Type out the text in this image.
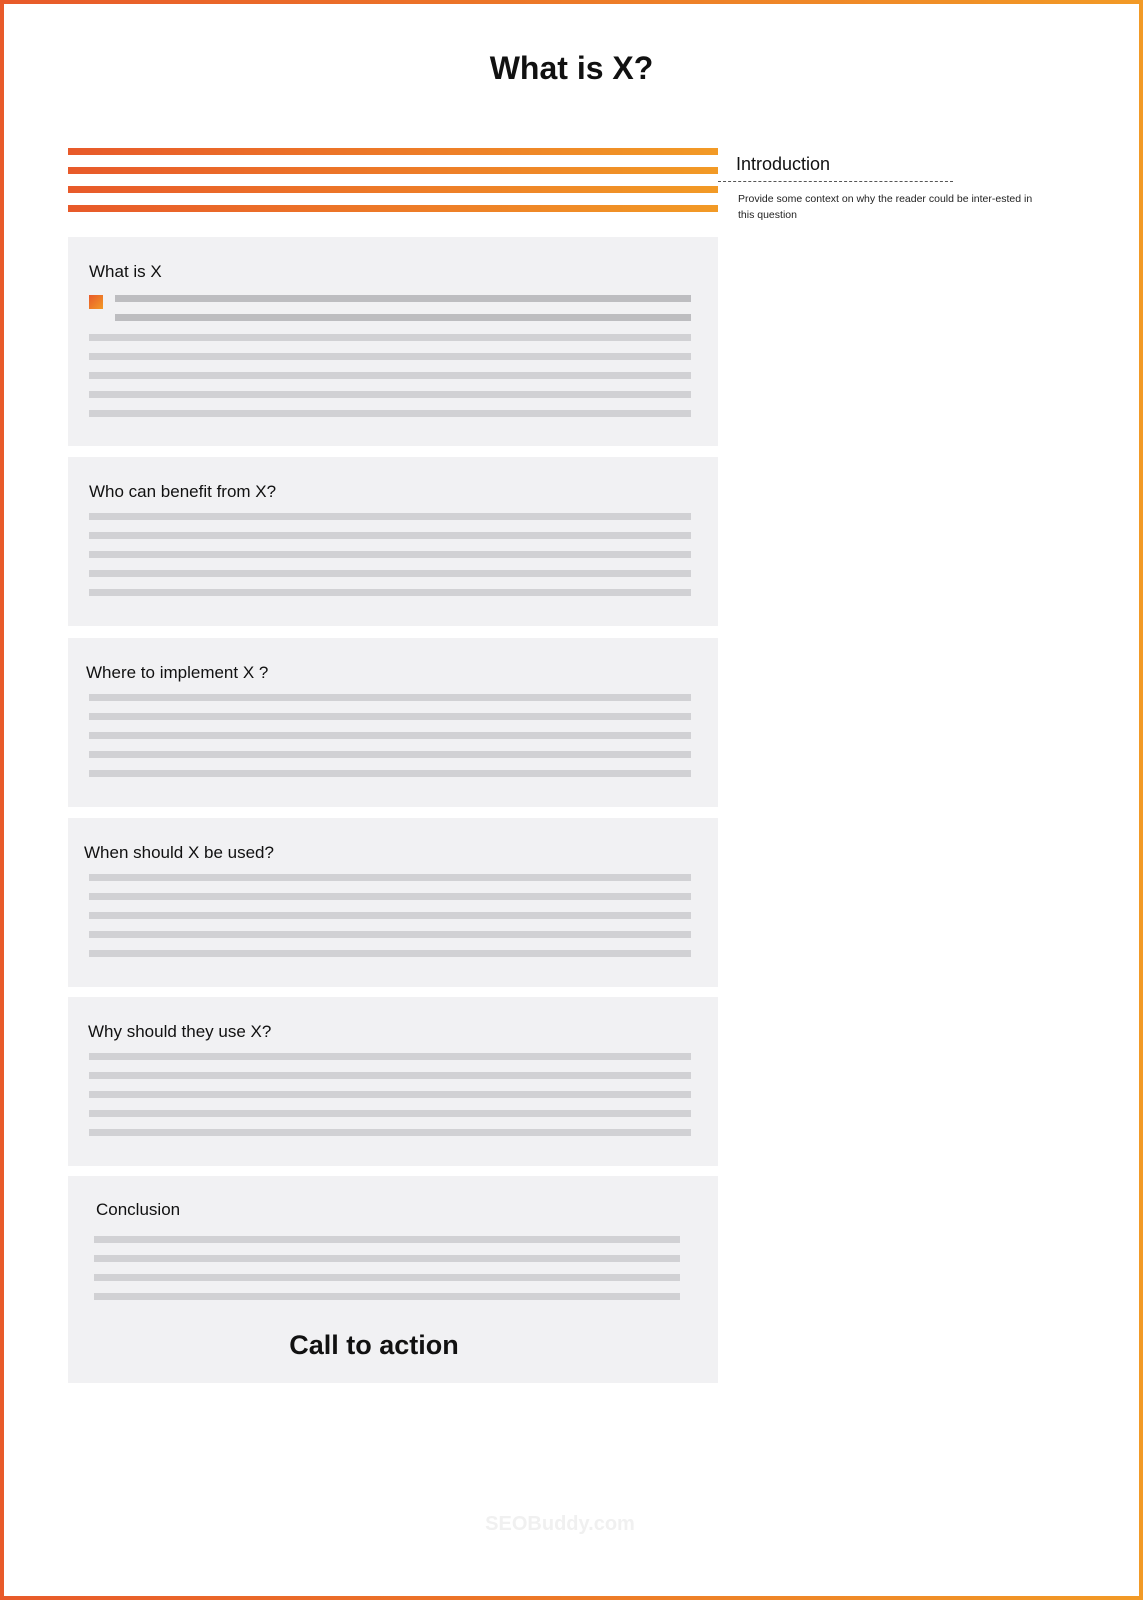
What is X?
Introduction
Provide some context on why the reader could be inter-ested in this question
What is X
Who can benefit from X?
Where to implement X ?
When should X be used?
Why should they use X?
Conclusion
Call to action
SEOBuddy.com
